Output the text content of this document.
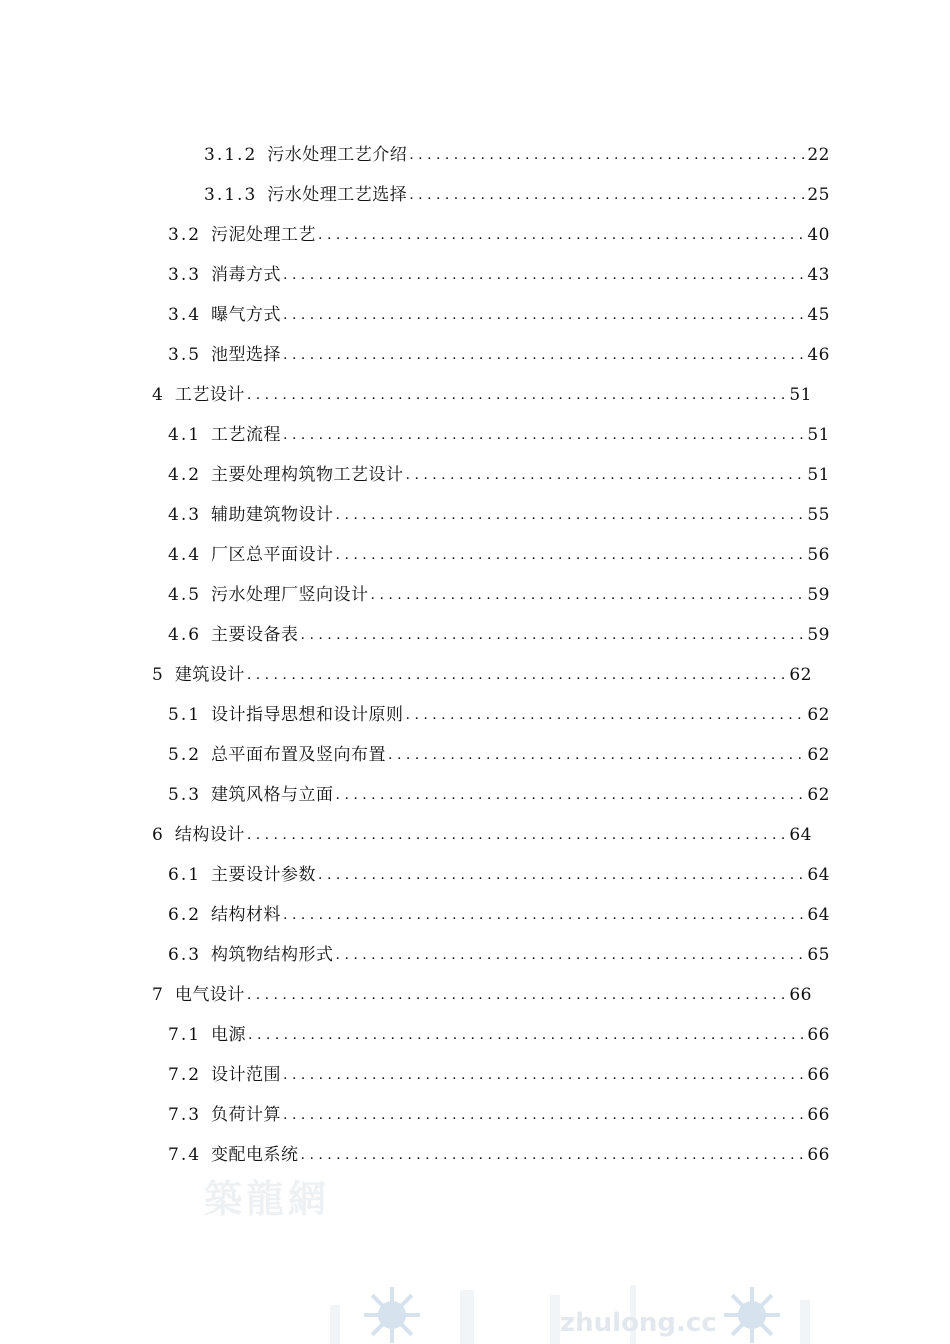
3.1.2 污水处理工艺介绍 . . .	22
3.1.3 污水处理工艺选择 . . .	25
3.2 污泥处理工艺 . . .	40
3.3 消毒方式 . . .	43
3.4 曝气方式 . . .	45
3.5 池型选择 . . .	46
4 工艺设计 . . .	51
4.1 工艺流程 . . .	51
4.2 主要处理构筑物工艺设计 . . .	51
4.3 辅助建筑物设计 . . .	55
4.4 厂区总平面设计 . . .	56
4.5 污水处理厂竖向设计 . . .	59
4.6 主要设备表 . . .	59
5 建筑设计 . . .	62
5.1 设计指导思想和设计原则 . . .	62
5.2 总平面布置及竖向布置 . . .	62
5.3 建筑风格与立面 . . .	62
6 结构设计 . . .	64
6.1 主要设计参数 . . .	64
6.2 结构材料 . . .	64
6.3 构筑物结构形式 . . .	65
7 电气设计 . . .	66
7.1 电源 . . .	66
7.2 设计范围 . . .	66
7.3 负荷计算 . . .	66
7.4 变配电系统 . . .	66
築龍網
zhulong.cc
